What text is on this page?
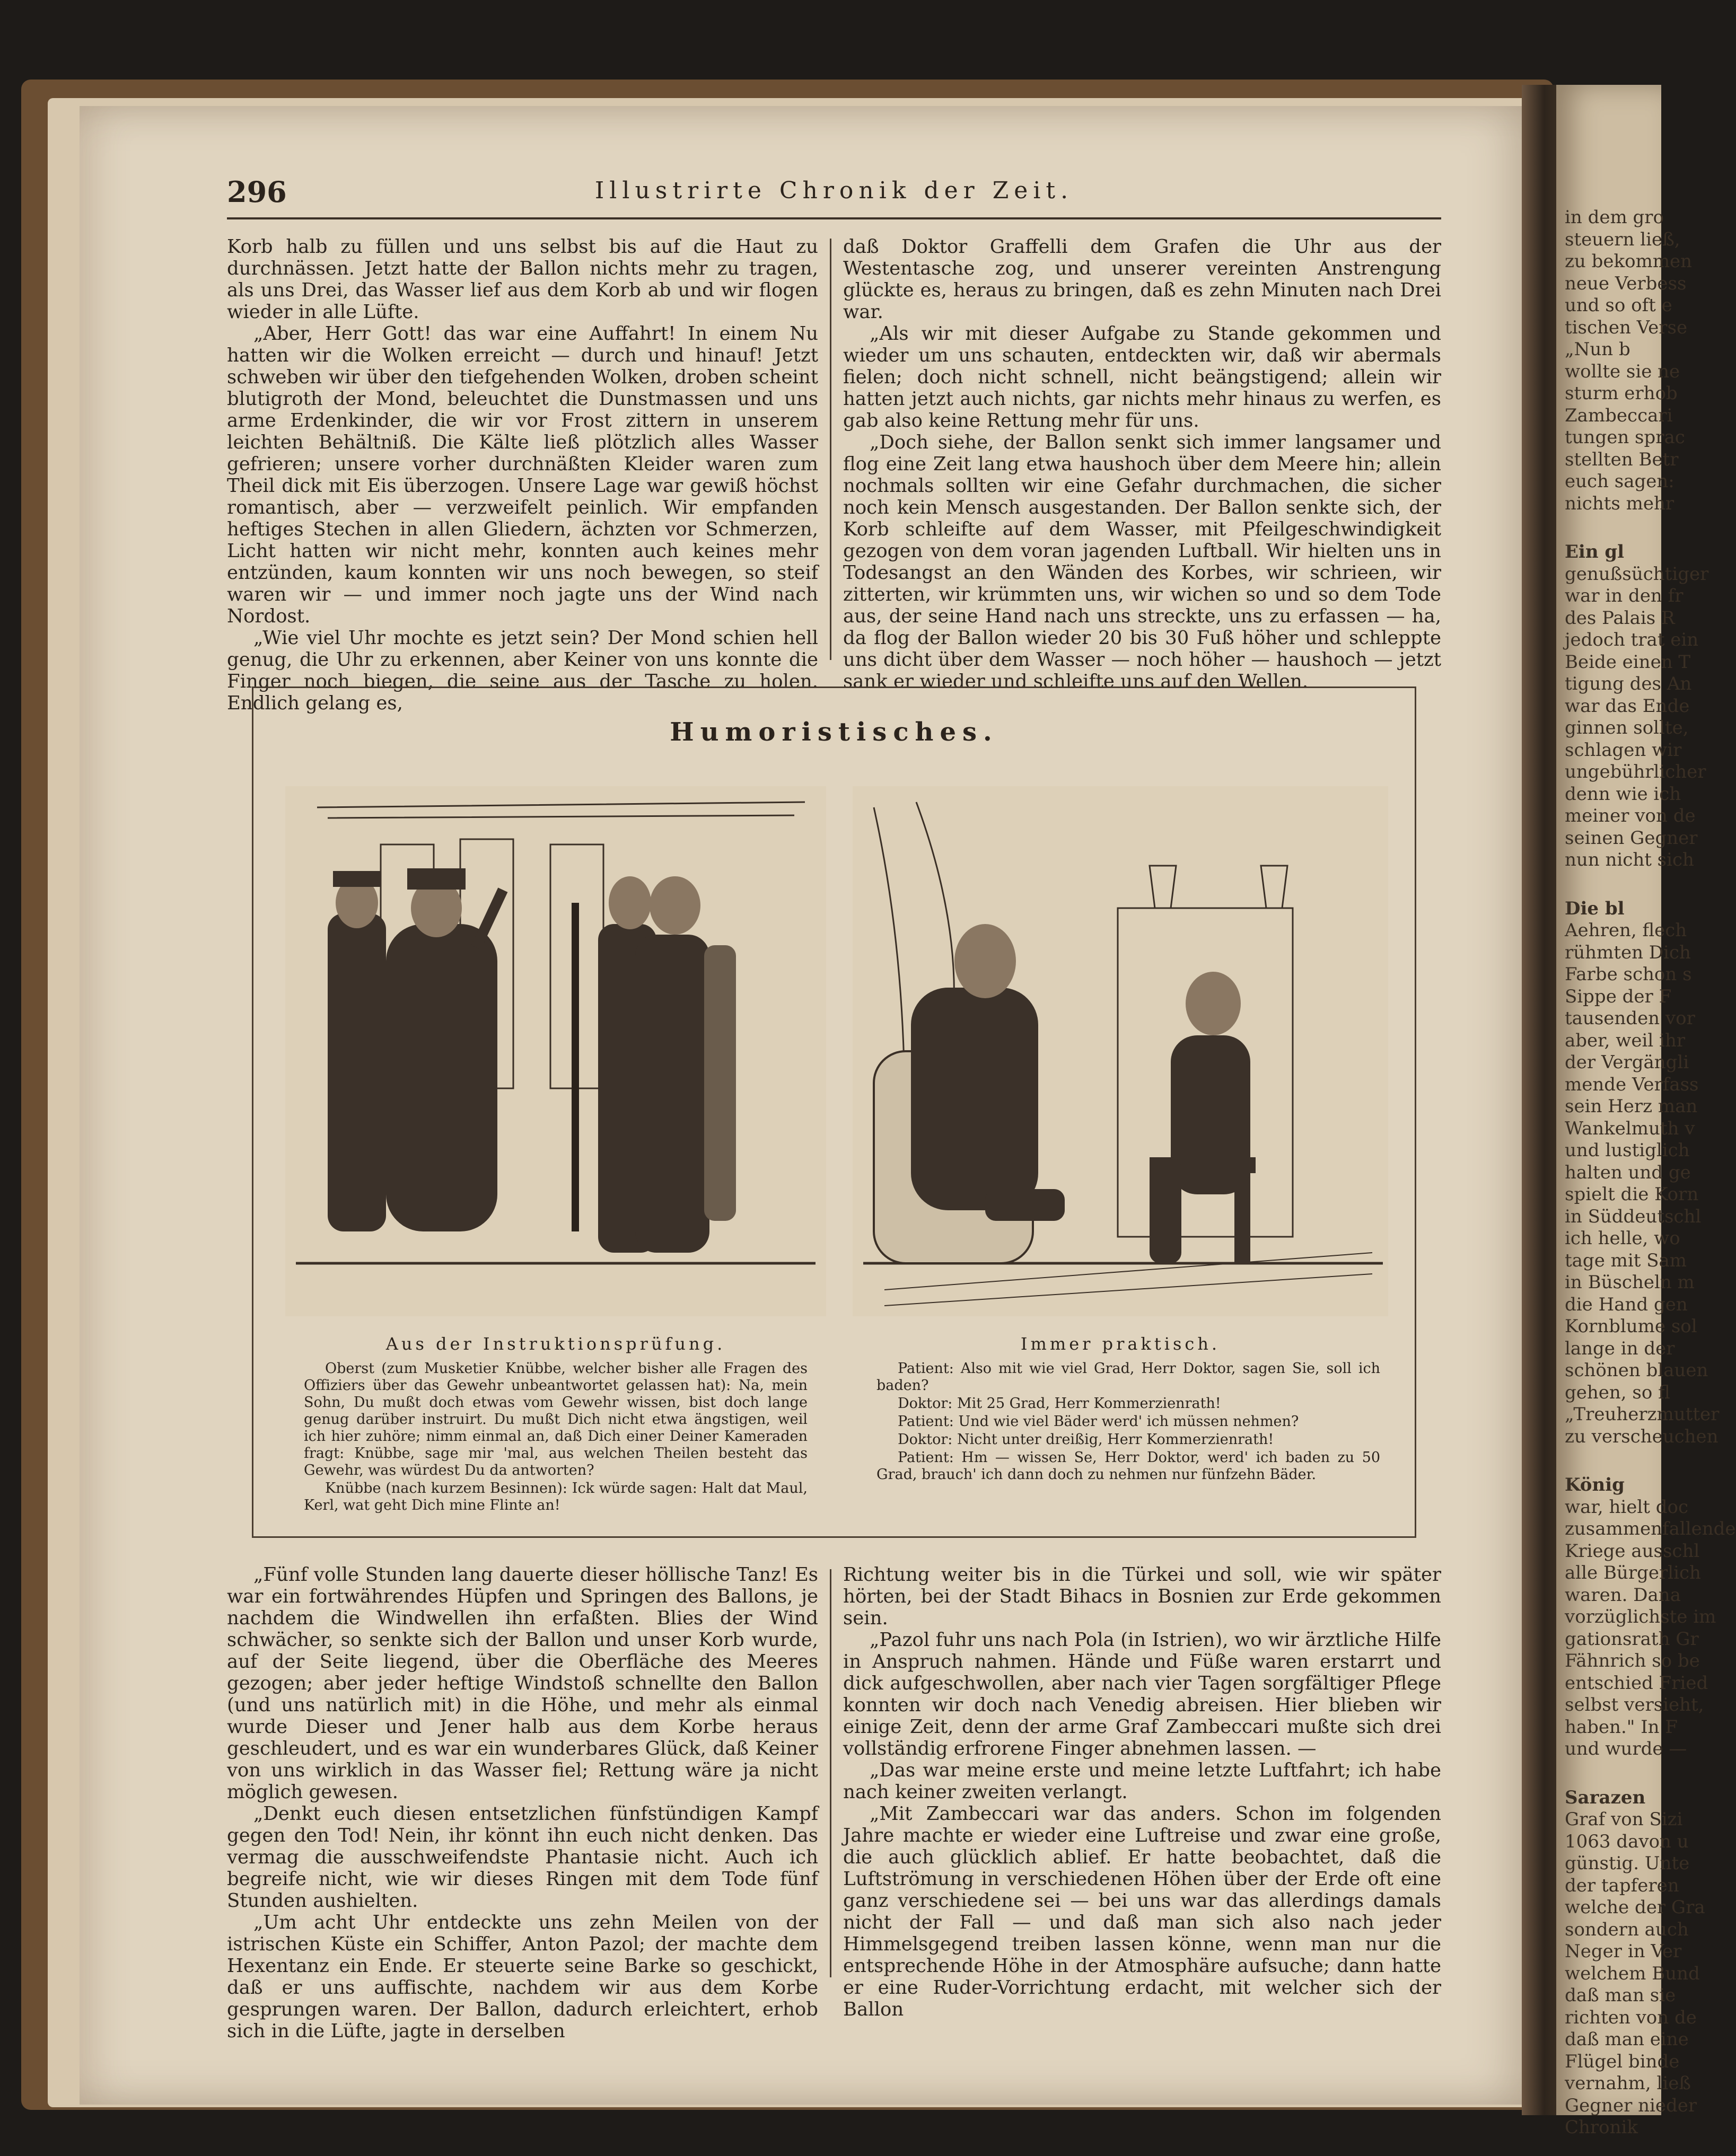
in dem gro
steuern ließ,
zu bekommen
neue Verbess
und so oft e
tischen Verse
„Nun b
wollte sie ne
sturm erhob
Zambeccari
tungen sprac
stellten Betr
euch sagen:
nichts mehr
Ein gl
genußsüchtiger
war in den fr
des Palais R
jedoch trat ein
Beide einen T
tigung des An
war das Ende
ginnen sollte,
schlagen wir
ungebührlicher
denn wie ich
meiner von de
seinen Gegner
nun nicht sich
Die bl
Aehren, flech
rühmten Dich
Farbe schon s
Sippe der F
tausenden vor
aber, weil ihr
der Vergängli
mende Verfass
sein Herz man
Wankelmuth v
und lustiglich
halten und ge
spielt die Korn
in Süddeutschl
ich helle, wo
tage mit Sam
in Büscheln m
die Hand gen
Kornblume sol
lange in der
schönen blauen
gehen, so fl
„Treuherzmutter
zu verscheuchen
König
war, hielt doc
zusammenfallende
Kriege ausschl
alle Bürgerlich
waren. Dana
vorzüglichste im
gationsrath Gr
Fähnrich so be
entschied Fried
selbst versieht,
haben." In F
und wurde —
Sarazen
Graf von Sizi
1063 davon u
günstig. Unte
der tapferen
welche der Gra
sondern auch
Neger in Ver
welchem Bund
daß man sie
richten von de
daß man eine
Flügel binde
vernahm, ließ
Gegner nieder
Chronik
296	Illustrirte Chronik der Zeit.

Korb halb zu füllen und uns selbst bis auf die Haut zu durchnässen. Jetzt hatte der Ballon nichts mehr zu tragen, als uns Drei, das Wasser lief aus dem Korb ab und wir flogen wieder in alle Lüfte.

„Aber, Herr Gott! das war eine Auffahrt! In einem Nu hatten wir die Wolken erreicht — durch und hinauf! Jetzt schweben wir über den tiefgehenden Wolken, droben scheint blutigroth der Mond, beleuchtet die Dunstmassen und uns arme Erdenkinder, die wir vor Frost zittern in unserem leichten Behältniß. Die Kälte ließ plötzlich alles Wasser gefrieren; unsere vorher durchnäßten Kleider waren zum Theil dick mit Eis überzogen. Unsere Lage war gewiß höchst romantisch, aber — verzweifelt peinlich. Wir empfanden heftiges Stechen in allen Gliedern, ächzten vor Schmerzen, Licht hatten wir nicht mehr, konnten auch keines mehr entzünden, kaum konnten wir uns noch bewegen, so steif waren wir — und immer noch jagte uns der Wind nach Nordost.

„Wie viel Uhr mochte es jetzt sein? Der Mond schien hell genug, die Uhr zu erkennen, aber Keiner von uns konnte die Finger noch biegen, die seine aus der Tasche zu holen. Endlich gelang es,

daß Doktor Graffelli dem Grafen die Uhr aus der Westentasche zog, und unserer vereinten Anstrengung glückte es, heraus zu bringen, daß es zehn Minuten nach Drei war.

„Als wir mit dieser Aufgabe zu Stande gekommen und wieder um uns schauten, entdeckten wir, daß wir abermals fielen; doch nicht schnell, nicht beängstigend; allein wir hatten jetzt auch nichts, gar nichts mehr hinaus zu werfen, es gab also keine Rettung mehr für uns.

„Doch siehe, der Ballon senkt sich immer langsamer und flog eine Zeit lang etwa haushoch über dem Meere hin; allein nochmals sollten wir eine Gefahr durchmachen, die sicher noch kein Mensch ausgestanden. Der Ballon senkte sich, der Korb schleifte auf dem Wasser, mit Pfeilgeschwindigkeit gezogen von dem voran jagenden Luftball. Wir hielten uns in Todesangst an den Wänden des Korbes, wir schrieen, wir zitterten, wir krümmten uns, wir wichen so und so dem Tode aus, der seine Hand nach uns streckte, uns zu erfassen — ha, da flog der Ballon wieder 20 bis 30 Fuß höher und schleppte uns dicht über dem Wasser — noch höher — haushoch — jetzt sank er wieder und schleifte uns auf den Wellen.

Humoristisches.
Aus der Instruktionsprüfung.

Oberst (zum Musketier Knübbe, welcher bisher alle Fragen des Offiziers über das Gewehr unbeantwortet gelassen hat): Na, mein Sohn, Du mußt doch etwas vom Gewehr wissen, bist doch lange genug darüber instruirt. Du mußt Dich nicht etwa ängstigen, weil ich hier zuhöre; nimm einmal an, daß Dich einer Deiner Kameraden fragt: Knübbe, sage mir 'mal, aus welchen Theilen besteht das Gewehr, was würdest Du da antworten?

Knübbe (nach kurzem Besinnen): Ick würde sagen: Halt dat Maul, Kerl, wat geht Dich mine Flinte an!

Immer praktisch.

Patient: Also mit wie viel Grad, Herr Doktor, sagen Sie, soll ich baden?

Doktor: Mit 25 Grad, Herr Kommerzienrath!

Patient: Und wie viel Bäder werd' ich müssen nehmen?

Doktor: Nicht unter dreißig, Herr Kommerzienrath!

Patient: Hm — wissen Se, Herr Doktor, werd' ich baden zu 50 Grad, brauch' ich dann doch zu nehmen nur fünfzehn Bäder.

„Fünf volle Stunden lang dauerte dieser höllische Tanz! Es war ein fortwährendes Hüpfen und Springen des Ballons, je nachdem die Windwellen ihn erfaßten. Blies der Wind schwächer, so senkte sich der Ballon und unser Korb wurde, auf der Seite liegend, über die Oberfläche des Meeres gezogen; aber jeder heftige Windstoß schnellte den Ballon (und uns natürlich mit) in die Höhe, und mehr als einmal wurde Dieser und Jener halb aus dem Korbe heraus geschleudert, und es war ein wunderbares Glück, daß Keiner von uns wirklich in das Wasser fiel; Rettung wäre ja nicht möglich gewesen.

„Denkt euch diesen entsetzlichen fünfstündigen Kampf gegen den Tod! Nein, ihr könnt ihn euch nicht denken. Das vermag die ausschweifendste Phantasie nicht. Auch ich begreife nicht, wie wir dieses Ringen mit dem Tode fünf Stunden aushielten.

„Um acht Uhr entdeckte uns zehn Meilen von der istrischen Küste ein Schiffer, Anton Pazol; der machte dem Hexentanz ein Ende. Er steuerte seine Barke so geschickt, daß er uns auffischte, nachdem wir aus dem Korbe gesprungen waren. Der Ballon, dadurch erleichtert, erhob sich in die Lüfte, jagte in derselben

Richtung weiter bis in die Türkei und soll, wie wir später hörten, bei der Stadt Bihacs in Bosnien zur Erde gekommen sein.

„Pazol fuhr uns nach Pola (in Istrien), wo wir ärztliche Hilfe in Anspruch nahmen. Hände und Füße waren erstarrt und dick aufgeschwollen, aber nach vier Tagen sorgfältiger Pflege konnten wir doch nach Venedig abreisen. Hier blieben wir einige Zeit, denn der arme Graf Zambeccari mußte sich drei vollständig erfrorene Finger abnehmen lassen. —

„Das war meine erste und meine letzte Luftfahrt; ich habe nach keiner zweiten verlangt.

„Mit Zambeccari war das anders. Schon im folgenden Jahre machte er wieder eine Luftreise und zwar eine große, die auch glücklich ablief. Er hatte beobachtet, daß die Luftströmung in verschiedenen Höhen über der Erde oft eine ganz verschiedene sei — bei uns war das allerdings damals nicht der Fall — und daß man sich also nach jeder Himmelsgegend treiben lassen könne, wenn man nur die entsprechende Höhe in der Atmosphäre aufsuche; dann hatte er eine Ruder-Vorrichtung erdacht, mit welcher sich der Ballon
